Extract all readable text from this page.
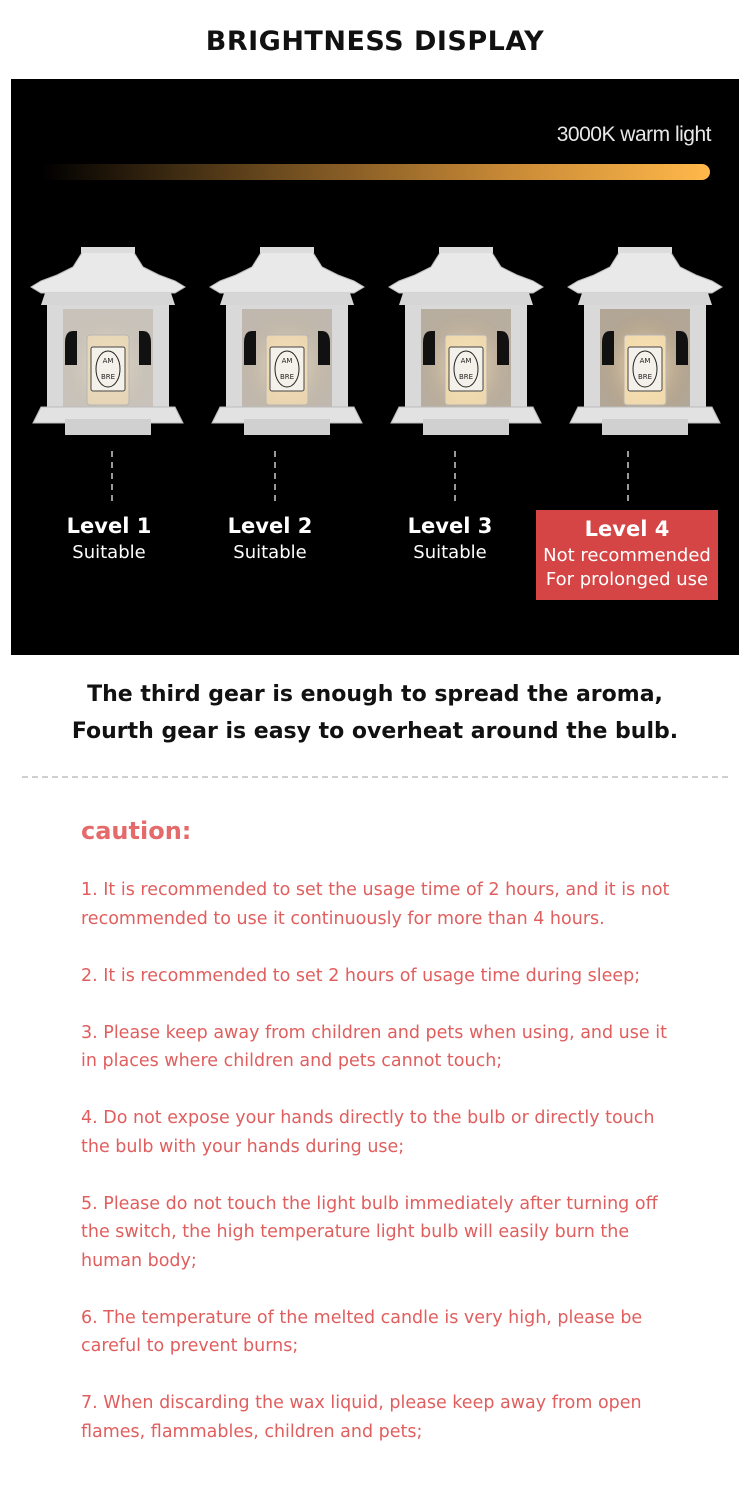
BRIGHTNESS DISPLAY
3000K warm light
AM
BRE
AM
BRE
AM
BRE
AM
BRE
Level 1
Suitable
Level 2
Suitable
Level 3
Suitable
Level 4
Not recommended
For prolonged use
The third gear is enough to spread the aroma,
Fourth gear is easy to overheat around the bulb.
caution:
1. It is recommended to set the usage time of 2 hours, and it is not recommended to use it continuously for more than 4 hours.
2. It is recommended to set 2 hours of usage time during sleep;
3. Please keep away from children and pets when using, and use it in places where children and pets cannot touch;
4. Do not expose your hands directly to the bulb or directly touch the bulb with your hands during use;
5. Please do not touch the light bulb immediately after turning off the switch, the high temperature light bulb will easily burn the human body;
6. The temperature of the melted candle is very high, please be careful to prevent burns;
7. When discarding the wax liquid, please keep away from open flames, flammables, children and pets;
